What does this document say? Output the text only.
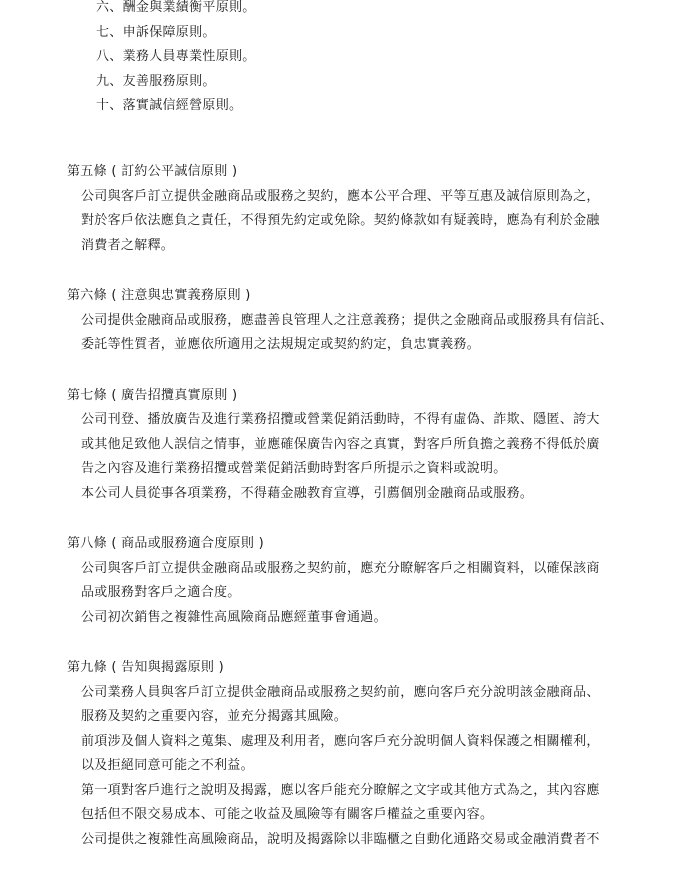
六、酬金與業績衡平原則。
七、申訴保障原則。
八、業務人員專業性原則。
九、友善服務原則。
十、落實誠信經營原則。
第五條 ( 訂約公平誠信原則 )

公司與客戶訂立提供金融商品或服務之契約，應本公平合理、平等互惠及誠信原則為之，
對於客戶依法應負之責任，不得預先約定或免除。契約條款如有疑義時，應為有利於金融
消費者之解釋。

第六條 ( 注意與忠實義務原則 )

公司提供金融商品或服務，應盡善良管理人之注意義務；提供之金融商品或服務具有信託、
委託等性質者，並應依所適用之法規規定或契約約定，負忠實義務。

第七條 ( 廣告招攬真實原則 )

公司刊登、播放廣告及進行業務招攬或營業促銷活動時，不得有虛偽、詐欺、隱匿、誇大
或其他足致他人誤信之情事，並應確保廣告內容之真實，對客戶所負擔之義務不得低於廣
告之內容及進行業務招攬或營業促銷活動時對客戶所提示之資料或說明。

本公司人員從事各項業務，不得藉金融教育宣導，引薦個別金融商品或服務。

第八條 ( 商品或服務適合度原則 )

公司與客戶訂立提供金融商品或服務之契約前，應充分瞭解客戶之相關資料，以確保該商
品或服務對客戶之適合度。

公司初次銷售之複雜性高風險商品應經董事會通過。

第九條 ( 告知與揭露原則 )

公司業務人員與客戶訂立提供金融商品或服務之契約前，應向客戶充分說明該金融商品、
服務及契約之重要內容，並充分揭露其風險。

前項涉及個人資料之蒐集、處理及利用者，應向客戶充分說明個人資料保護之相關權利，
以及拒絕同意可能之不利益。

第一項對客戶進行之說明及揭露，應以客戶能充分瞭解之文字或其他方式為之，其內容應
包括但不限交易成本、可能之收益及風險等有關客戶權益之重要內容。

公司提供之複雜性高風險商品，說明及揭露除以非臨櫃之自動化通路交易或金融消費者不
